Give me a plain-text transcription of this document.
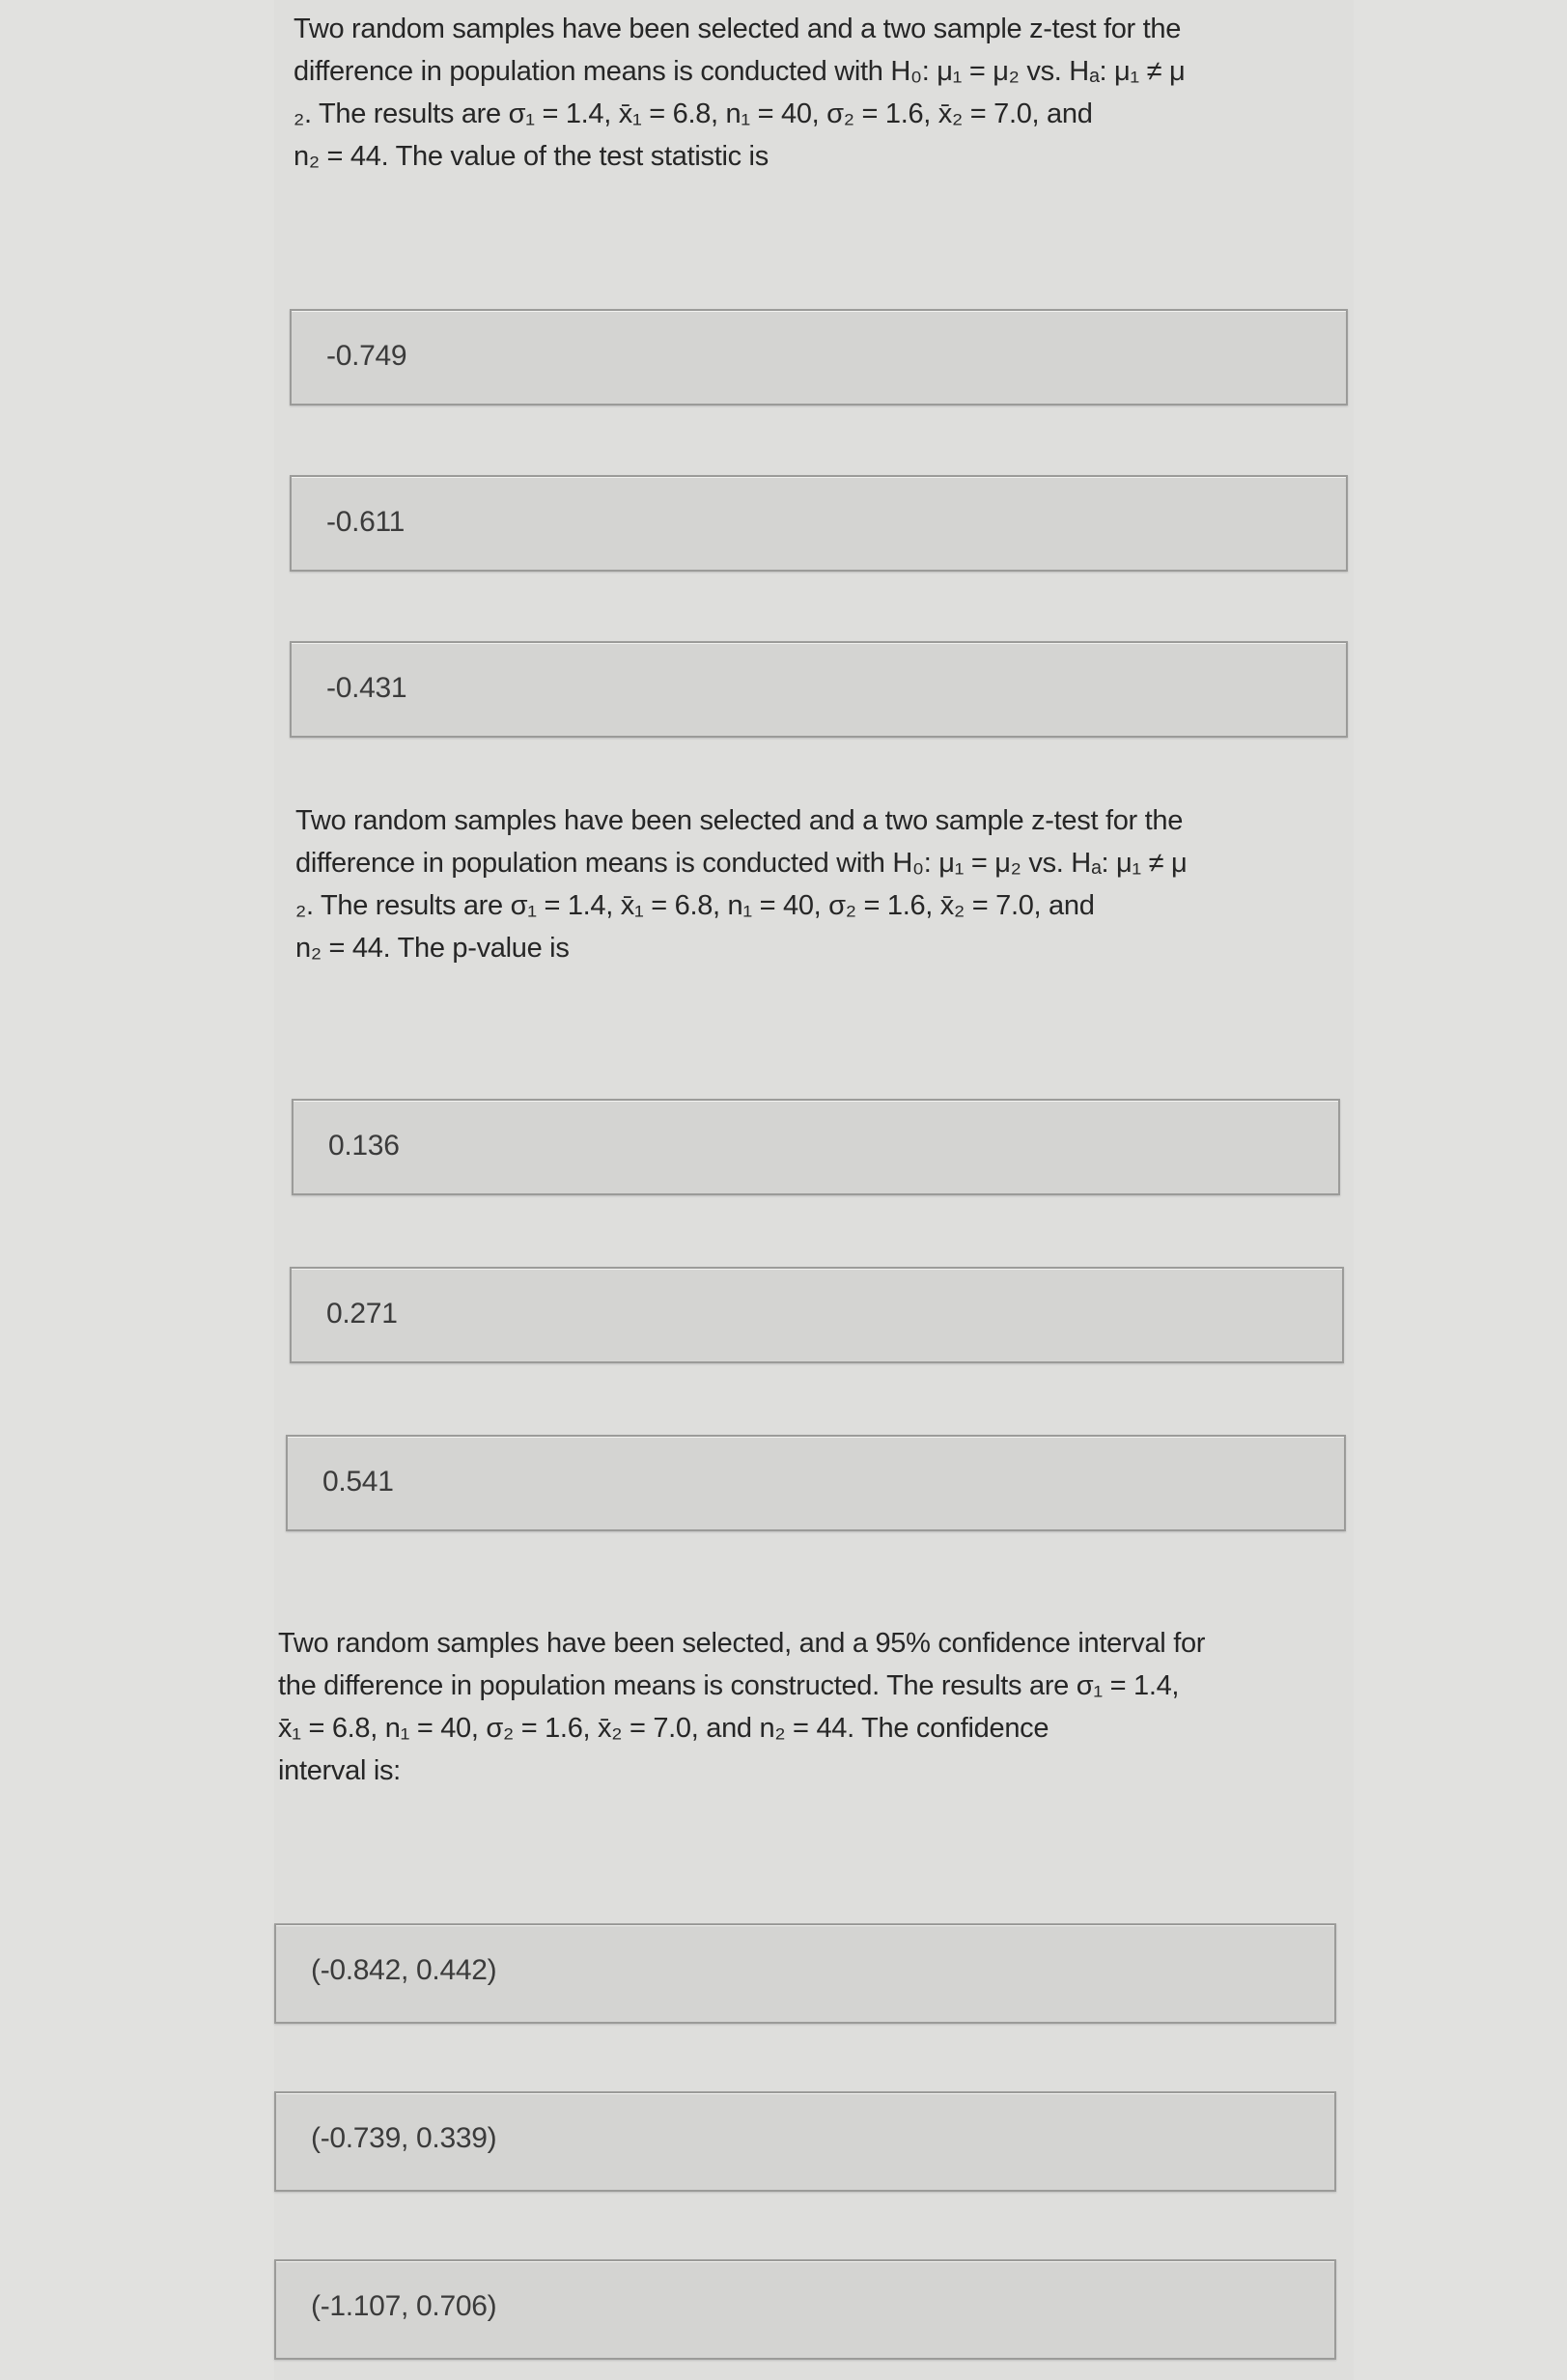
Two random samples have been selected and a two sample z-test for the
difference in population means is conducted with H₀: μ₁ = μ₂ vs. Hₐ: μ₁ ≠ μ
₂. The results are σ₁ = 1.4, x̄₁ = 6.8, n₁ = 40, σ₂ = 1.6, x̄₂ = 7.0, and
n₂ = 44. The value of the test statistic is
-0.749
-0.611
-0.431
Two random samples have been selected and a two sample z-test for the
difference in population means is conducted with H₀: μ₁ = μ₂ vs. Hₐ: μ₁ ≠ μ
₂. The results are σ₁ = 1.4, x̄₁ = 6.8, n₁ = 40, σ₂ = 1.6, x̄₂ = 7.0, and
n₂ = 44. The p-value is
0.136
0.271
0.541
Two random samples have been selected, and a 95% confidence interval for
the difference in population means is constructed. The results are σ₁ = 1.4,
x̄₁ = 6.8, n₁ = 40, σ₂ = 1.6, x̄₂ = 7.0, and n₂ = 44. The confidence
interval is:
(-0.842, 0.442)
(-0.739, 0.339)
(-1.107, 0.706)
